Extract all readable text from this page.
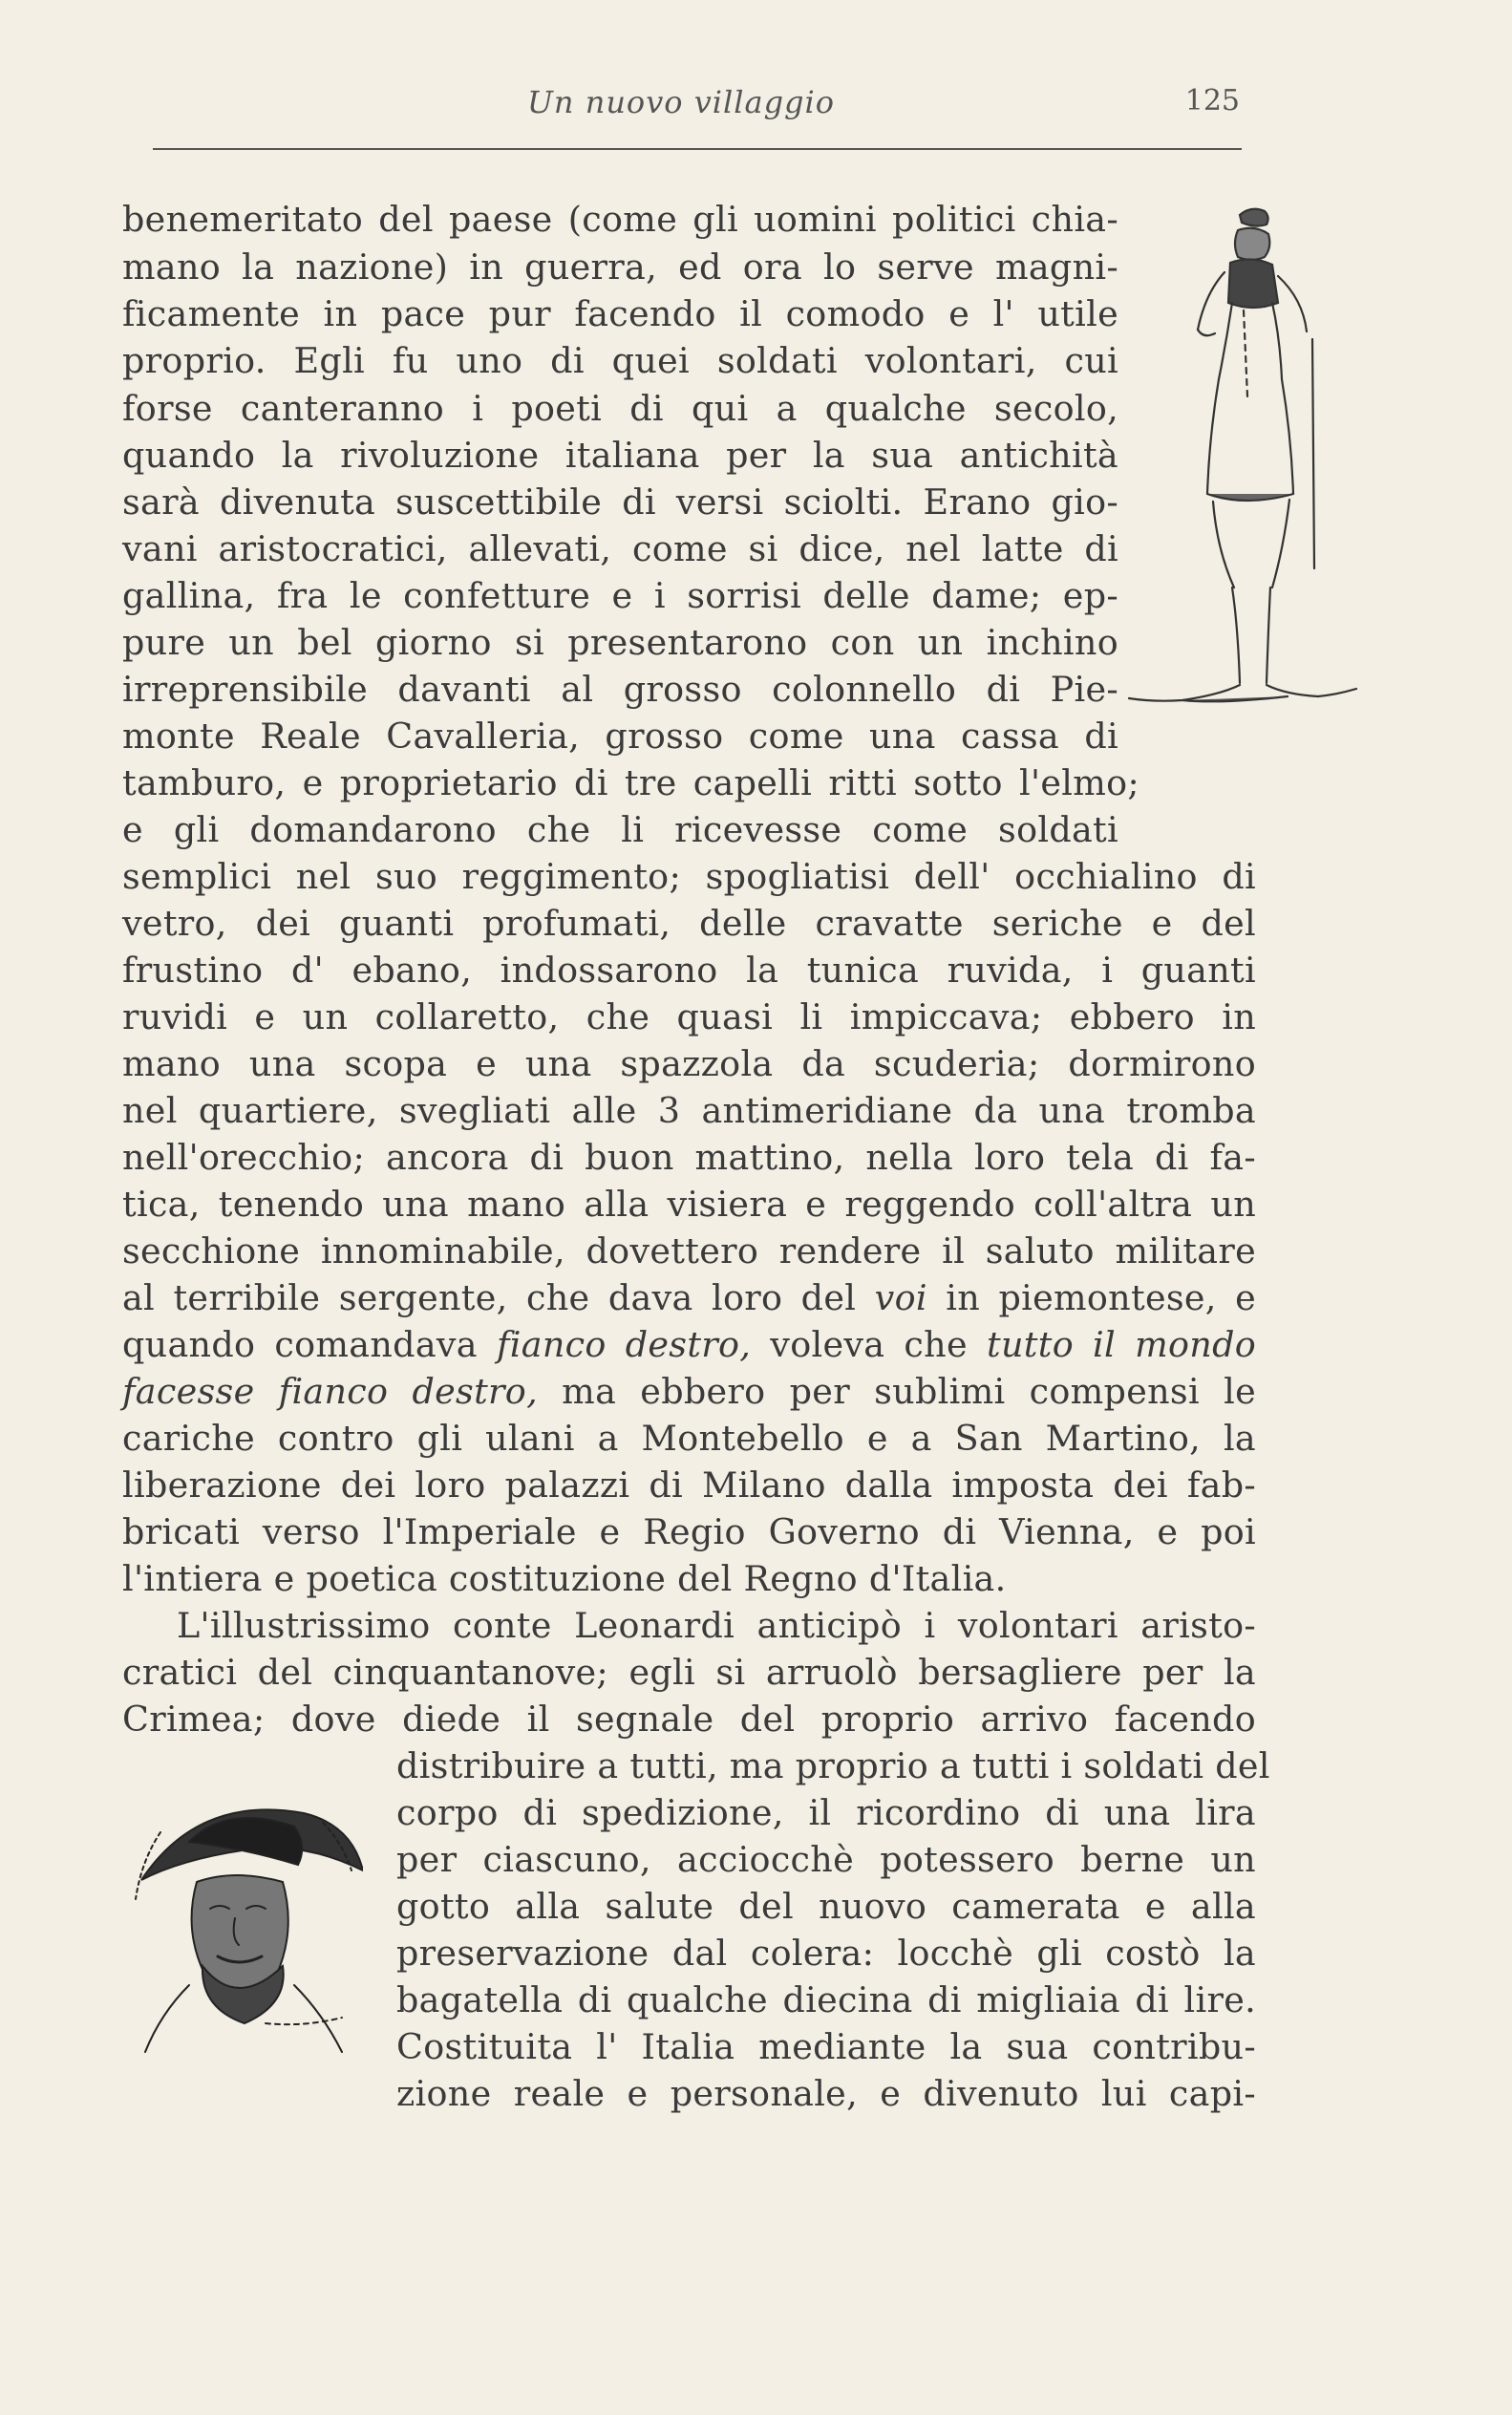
Un nuovo villaggio	125
benemeritato del paese (come gli uomini politici chia-
mano la nazione) in guerra, ed ora lo serve magni-
ficamente in pace pur facendo il comodo e l' utile
proprio. Egli fu uno di quei soldati volontari, cui
forse canteranno i poeti di qui a qualche secolo,
quando la rivoluzione italiana per la sua antichità
sarà divenuta suscettibile di versi sciolti. Erano gio-
vani aristocratici, allevati, come si dice, nel latte di
gallina, fra le confetture e i sorrisi delle dame; ep-
pure un bel giorno si presentarono con un inchino
irreprensibile davanti al grosso colonnello di Pie-
monte Reale Cavalleria, grosso come una cassa di
tamburo, e proprietario di tre capelli ritti sotto l'elmo;
e gli domandarono che li ricevesse come soldati
semplici nel suo reggimento; spogliatisi dell' occhialino di
vetro, dei guanti profumati, delle cravatte seriche e del
frustino d' ebano, indossarono la tunica ruvida, i guanti
ruvidi e un collaretto, che quasi li impiccava; ebbero in
mano una scopa e una spazzola da scuderia; dormirono
nel quartiere, svegliati alle 3 antimeridiane da una tromba
nell'orecchio; ancora di buon mattino, nella loro tela di fa-
tica, tenendo una mano alla visiera e reggendo coll'altra un
secchione innominabile, dovettero rendere il saluto militare
al terribile sergente, che dava loro del voi in piemontese, e
quando comandava fianco destro, voleva che tutto il mondo
facesse fianco destro, ma ebbero per sublimi compensi le
cariche contro gli ulani a Montebello e a San Martino, la
liberazione dei loro palazzi di Milano dalla imposta dei fab-
bricati verso l'Imperiale e Regio Governo di Vienna, e poi
l'intiera e poetica costituzione del Regno d'Italia.
L'illustrissimo conte Leonardi anticipò i volontari aristo-
cratici del cinquantanove; egli si arruolò bersagliere per la
Crimea; dove diede il segnale del proprio arrivo facendo
distribuire a tutti, ma proprio a tutti i soldati del
corpo di spedizione, il ricordino di una lira
per ciascuno, acciocchè potessero berne un
gotto alla salute del nuovo camerata e alla
preservazione dal colera: locchè gli costò la
bagatella di qualche diecina di migliaia di lire.
Costituita l' Italia mediante la sua contribu-
zione reale e personale, e divenuto lui capi-
